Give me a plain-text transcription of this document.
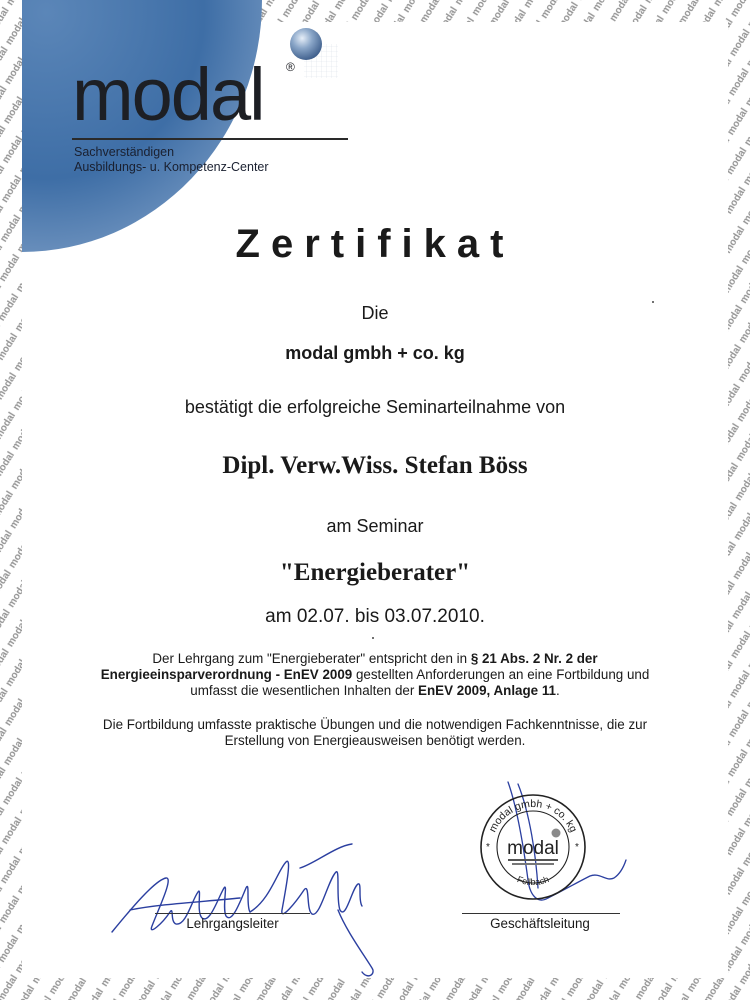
modal ®
Sachverständigen
Ausbildungs- u. Kompetenz-Center
Zertifikat
Die
modal gmbh + co. kg
bestätigt die erfolgreiche Seminarteilnahme von
Dipl. Verw.Wiss. Stefan Böss
am Seminar
"Energieberater"
am 02.07. bis 03.07.2010.
Der Lehrgang zum "Energieberater" entspricht den in § 21 Abs. 2 Nr. 2 der Energieeinsparverordnung - EnEV 2009 gestellten Anforderungen an eine Fortbildung und umfasst die wesentlichen Inhalten der EnEV 2009, Anlage 11.
Die Fortbildung umfasste praktische Übungen und die notwendigen Fachkenntnisse, die zur Erstellung von Energieausweisen benötigt werden.
modal gmbh + co. kg
Fellbach
*	*
modal
Lehrgangsleiter	Geschäftsleitung
